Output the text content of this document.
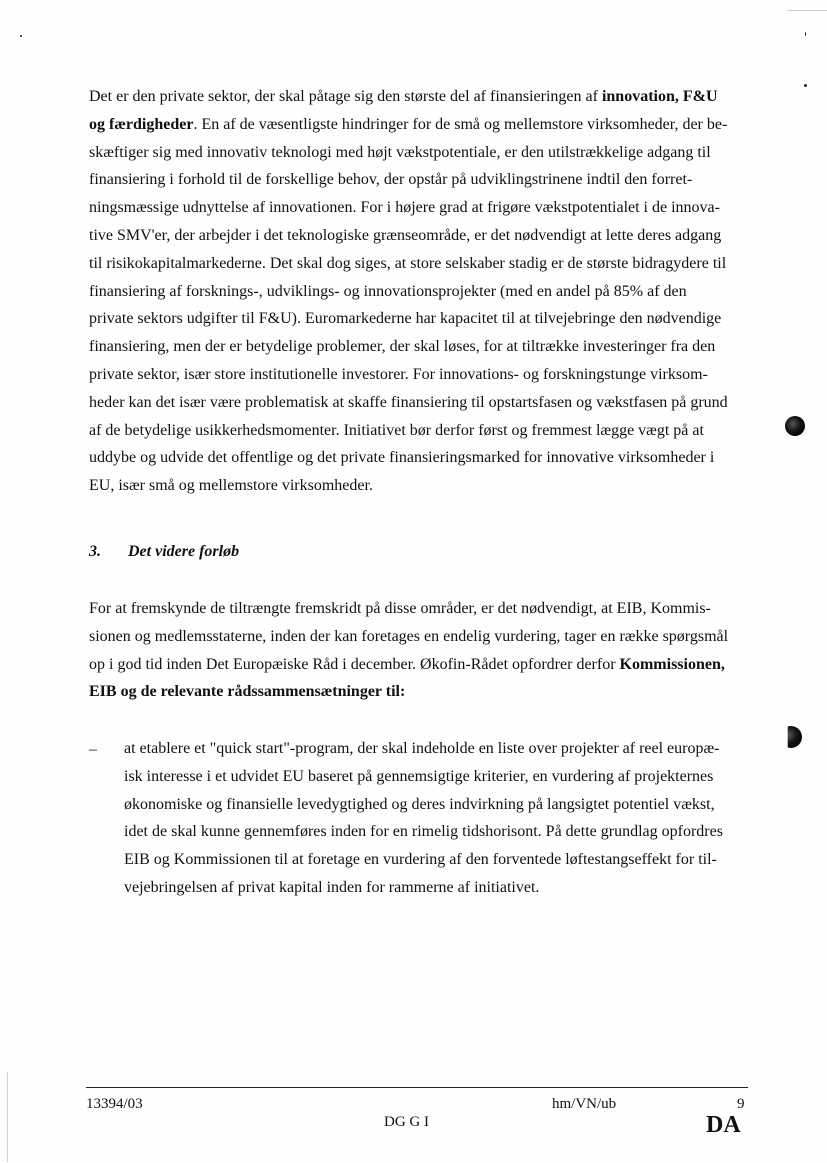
Det er den private sektor, der skal påtage sig den største del af finansieringen af innovation, F&U
og færdigheder. En af de væsentligste hindringer for de små og mellemstore virksomheder, der be-
skæftiger sig med innovativ teknologi med højt vækstpotentiale, er den utilstrækkelige adgang til
finansiering i forhold til de forskellige behov, der opstår på udviklingstrinene indtil den forret-
ningsmæssige udnyttelse af innovationen. For i højere grad at frigøre vækstpotentialet i de innova-
tive SMV'er, der arbejder i det teknologiske grænseområde, er det nødvendigt at lette deres adgang
til risikokapitalmarkederne. Det skal dog siges, at store selskaber stadig er de største bidragydere til
finansiering af forsknings-, udviklings- og innovationsprojekter (med en andel på 85% af den
private sektors udgifter til F&U). Euromarkederne har kapacitet til at tilvejebringe den nødvendige
finansiering, men der er betydelige problemer, der skal løses, for at tiltrække investeringer fra den
private sektor, især store institutionelle investorer. For innovations- og forskningstunge virksom-
heder kan det især være problematisk at skaffe finansiering til opstartsfasen og vækstfasen på grund
af de betydelige usikkerhedsmomenter. Initiativet bør derfor først og fremmest lægge vægt på at
uddybe og udvide det offentlige og det private finansieringsmarked for innovative virksomheder i
EU, især små og mellemstore virksomheder.
3. Det videre forløb
For at fremskynde de tiltrængte fremskridt på disse områder, er det nødvendigt, at EIB, Kommis-
sionen og medlemsstaterne, inden der kan foretages en endelig vurdering, tager en række spørgsmål
op i god tid inden Det Europæiske Råd i december. Økofin-Rådet opfordrer derfor Kommissionen,
EIB og de relevante rådssammensætninger til:
– at etablere et "quick start"-program, der skal indeholde en liste over projekter af reel europæ-
isk interesse i et udvidet EU baseret på gennemsigtige kriterier, en vurdering af projekternes
økonomiske og finansielle levedygtighed og deres indvirkning på langsigtet potentiel vækst,
idet de skal kunne gennemføres inden for en rimelig tidshorisont. På dette grundlag opfordres
EIB og Kommissionen til at foretage en vurdering af den forventede løftestangseffekt for til-
vejebringelsen af privat kapital inden for rammerne af initiativet.
13394/03	hm/VN/ub	9
DG G I	DA
